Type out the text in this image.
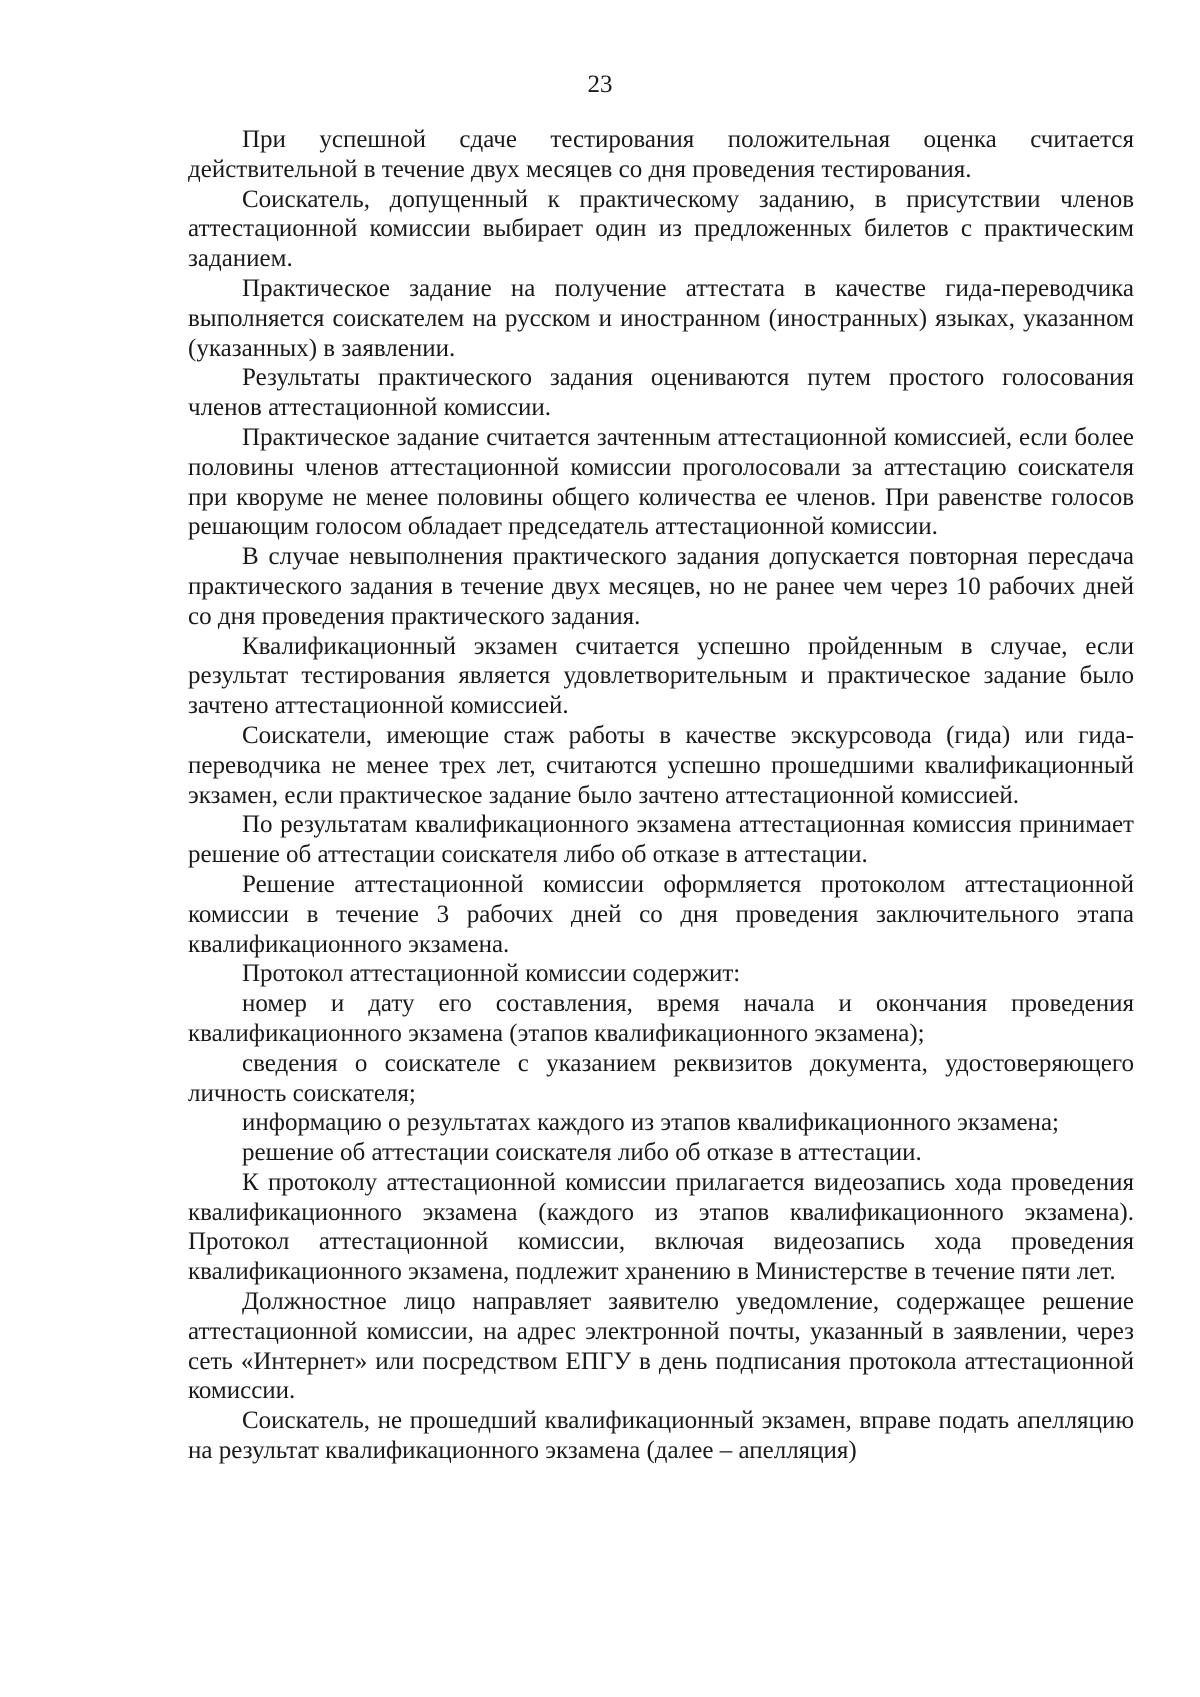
23

При успешной сдаче тестирования положительная оценка считается действительной в течение двух месяцев со дня проведения тестирования.

Соискатель, допущенный к практическому заданию, в присутствии членов аттестационной комиссии выбирает один из предложенных билетов с практическим заданием.

Практическое задание на получение аттестата в качестве гида-переводчика выполняется соискателем на русском и иностранном (иностранных) языках, указанном (указанных) в заявлении.

Результаты практического задания оцениваются путем простого голосования членов аттестационной комиссии.

Практическое задание считается зачтенным аттестационной комиссией, если более половины членов аттестационной комиссии проголосовали за аттестацию соискателя при кворуме не менее половины общего количества ее членов. При равенстве голосов решающим голосом обладает председатель аттестационной комиссии.

В случае невыполнения практического задания допускается повторная пересдача практического задания в течение двух месяцев, но не ранее чем через 10 рабочих дней со дня проведения практического задания.

Квалификационный экзамен считается успешно пройденным в случае, если результат тестирования является удовлетворительным и практическое задание было зачтено аттестационной комиссией.

Соискатели, имеющие стаж работы в качестве экскурсовода (гида) или гида-переводчика не менее трех лет, считаются успешно прошедшими квалификационный экзамен, если практическое задание было зачтено аттестационной комиссией.

По результатам квалификационного экзамена аттестационная комиссия принимает решение об аттестации соискателя либо об отказе в аттестации.

Решение аттестационной комиссии оформляется протоколом аттестационной комиссии в течение 3 рабочих дней со дня проведения заключительного этапа квалификационного экзамена.

Протокол аттестационной комиссии содержит:

номер и дату его составления, время начала и окончания проведения квалификационного экзамена (этапов квалификационного экзамена);

сведения о соискателе с указанием реквизитов документа, удостоверяющего личность соискателя;

информацию о результатах каждого из этапов квалификационного экзамена;

решение об аттестации соискателя либо об отказе в аттестации.

К протоколу аттестационной комиссии прилагается видеозапись хода проведения квалификационного экзамена (каждого из этапов квалификационного экзамена). Протокол аттестационной комиссии, включая видеозапись хода проведения квалификационного экзамена, подлежит хранению в Министерстве в течение пяти лет.

Должностное лицо направляет заявителю уведомление, содержащее решение аттестационной комиссии, на адрес электронной почты, указанный в заявлении, через сеть «Интернет» или посредством ЕПГУ в день подписания протокола аттестационной комиссии.

Соискатель, не прошедший квалификационный экзамен, вправе подать апелляцию на результат квалификационного экзамена (далее – апелляция)
